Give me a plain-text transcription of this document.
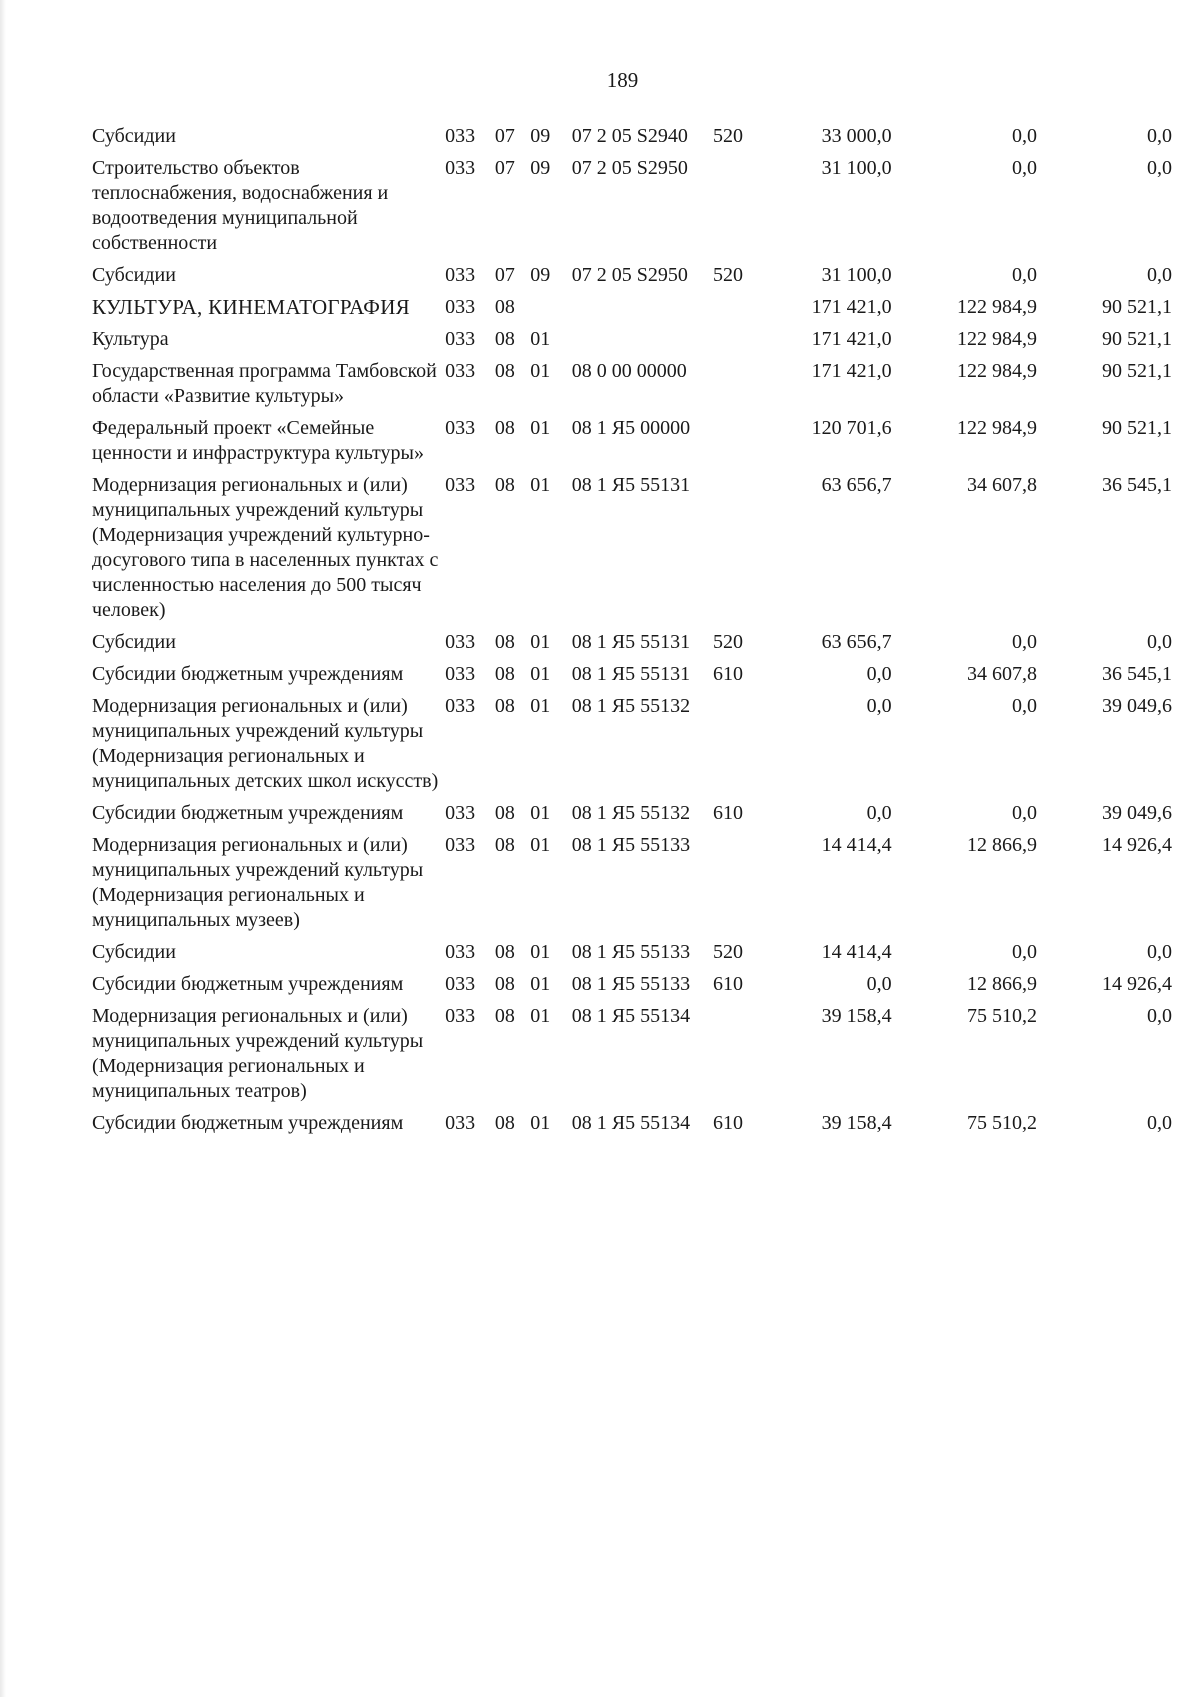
189
Субсидии	033	07	09	07 2 05 S2940	520	33 000,0	0,0	0,0
Строительство объектов теплоснабжения, водоснабжения и водоотведения муниципальной собственности	033	07	09	07 2 05 S2950		31 100,0	0,0	0,0
Субсидии	033	07	09	07 2 05 S2950	520	31 100,0	0,0	0,0
КУЛЬТУРА, КИНЕМАТОГРАФИЯ	033	08				171 421,0	122 984,9	90 521,1
Культура	033	08	01			171 421,0	122 984,9	90 521,1
Государственная программа Тамбовской области «Развитие культуры»	033	08	01	08 0 00 00000		171 421,0	122 984,9	90 521,1
Федеральный проект «Семейные ценности и инфраструктура культуры»	033	08	01	08 1 Я5 00000		120 701,6	122 984,9	90 521,1
Модернизация региональных и (или) муниципальных учреждений культуры (Модернизация учреждений культурно-досугового типа в населенных пунктах с численностью населения до 500 тысяч человек)	033	08	01	08 1 Я5 55131		63 656,7	34 607,8	36 545,1
Субсидии	033	08	01	08 1 Я5 55131	520	63 656,7	0,0	0,0
Субсидии бюджетным учреждениям	033	08	01	08 1 Я5 55131	610	0,0	34 607,8	36 545,1
Модернизация региональных и (или) муниципальных учреждений культуры (Модернизация региональных и муниципальных детских школ искусств)	033	08	01	08 1 Я5 55132		0,0	0,0	39 049,6
Субсидии бюджетным учреждениям	033	08	01	08 1 Я5 55132	610	0,0	0,0	39 049,6
Модернизация региональных и (или) муниципальных учреждений культуры (Модернизация региональных и муниципальных музеев)	033	08	01	08 1 Я5 55133		14 414,4	12 866,9	14 926,4
Субсидии	033	08	01	08 1 Я5 55133	520	14 414,4	0,0	0,0
Субсидии бюджетным учреждениям	033	08	01	08 1 Я5 55133	610	0,0	12 866,9	14 926,4
Модернизация региональных и (или) муниципальных учреждений культуры (Модернизация региональных и муниципальных театров)	033	08	01	08 1 Я5 55134		39 158,4	75 510,2	0,0
Субсидии бюджетным учреждениям	033	08	01	08 1 Я5 55134	610	39 158,4	75 510,2	0,0
